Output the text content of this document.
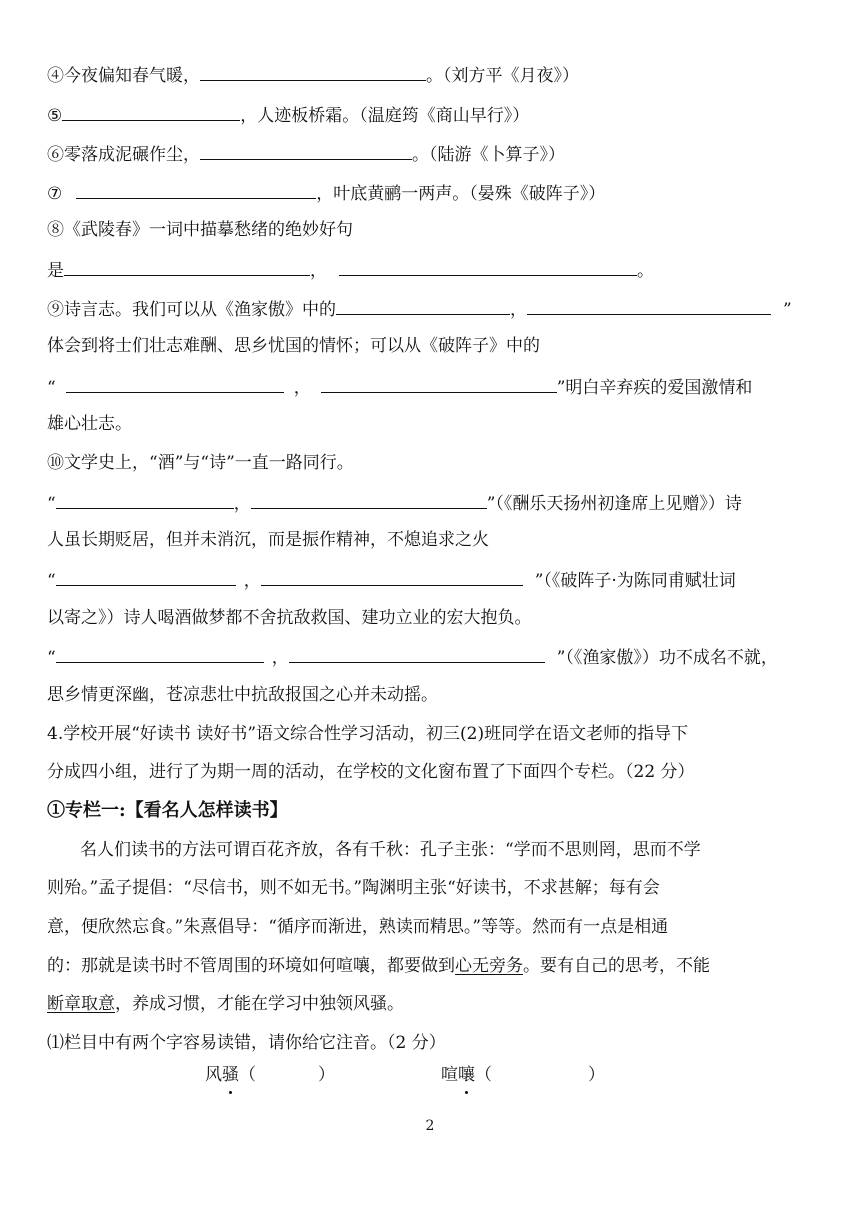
④今夜偏知春气暖，	。（刘方平《月夜》）
⑤	，人迹板桥霜。（温庭筠《商山早行》）
⑥零落成泥碾作尘，	。（陆游《卜算子》）
⑦	，叶底黄鹂一两声。（晏殊《破阵子》）
⑧《武陵春》一词中描摹愁绪的绝妙好句
是	，	。
⑨诗言志。我们可以从《渔家傲》中的	，	”
体会到将士们壮志难酬、思乡忧国的情怀；可以从《破阵子》中的
“	，	”明白辛弃疾的爱国激情和
雄心壮志。
⑩文学史上，“酒”与“诗”一直一路同行。
“	，	”（《酬乐天扬州初逢席上见赠》）诗
人虽长期贬居，但并未消沉，而是振作精神，不熄追求之火
“	，	”（《破阵子·为陈同甫赋壮词
以寄之》）诗人喝酒做梦都不舍抗敌救国、建功立业的宏大抱负。
“	，	”（《渔家傲》）功不成名不就，
思乡情更深幽，苍凉悲壮中抗敌报国之心并未动摇。
4.学校开展“好读书 读好书”语文综合性学习活动，初三(2)班同学在语文老师的指导下
分成四小组，进行了为期一周的活动，在学校的文化窗布置了下面四个专栏。（22 分）
①专栏一:【看名人怎样读书】
名人们读书的方法可谓百花齐放，各有千秋：孔子主张：“学而不思则罔，思而不学
则殆。”孟子提倡：“尽信书，则不如无书。”陶渊明主张“好读书，不求甚解；每有会
意，便欣然忘食。”朱熹倡导：“循序而渐进，熟读而精思。”等等。然而有一点是相通
的：那就是读书时不管周围的环境如何喧嚷，都要做到心无旁务。要有自己的思考，不能
断章取意，养成习惯，才能在学习中独领风骚。
⑴栏目中有两个字容易读错，请你给它注音。（2 分）
风骚（	）	喧嚷（	）
2
